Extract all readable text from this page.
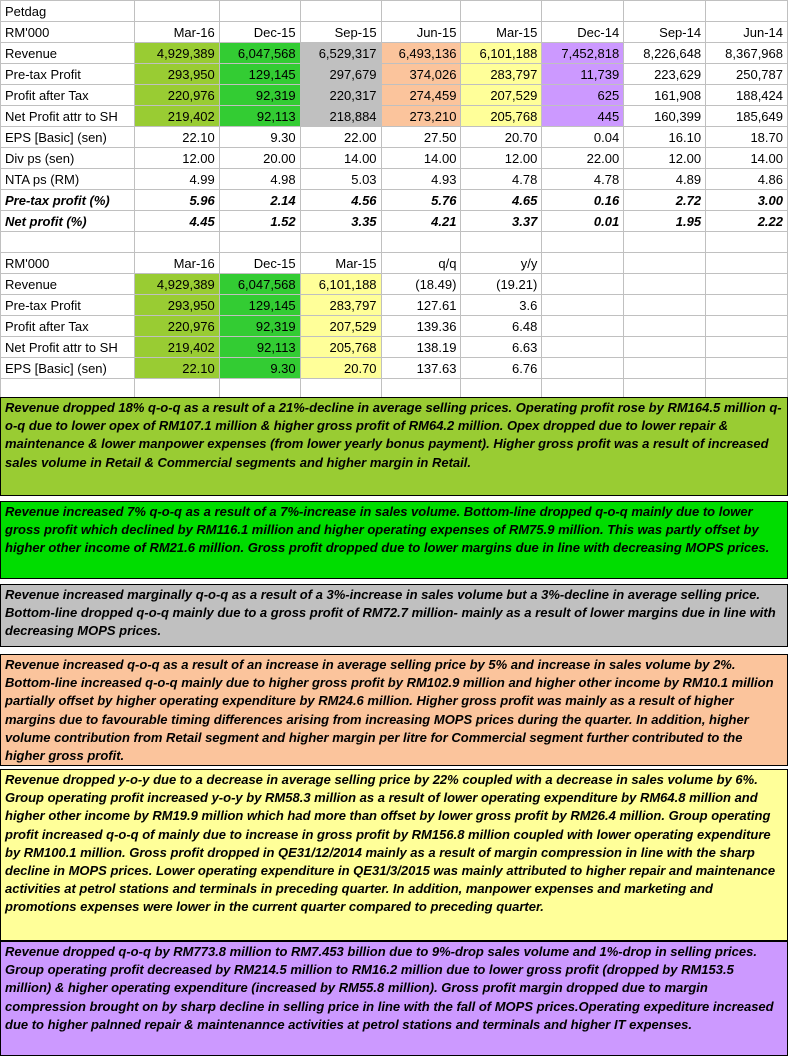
Petdag								
RM'000	Mar-16	Dec-15	Sep-15	Jun-15	Mar-15	Dec-14	Sep-14	Jun-14
Revenue	4,929,389	6,047,568	6,529,317	6,493,136	6,101,188	7,452,818	8,226,648	8,367,968
Pre-tax Profit	293,950	129,145	297,679	374,026	283,797	11,739	223,629	250,787
Profit after Tax	220,976	92,319	220,317	274,459	207,529	625	161,908	188,424
Net Profit attr to SH	219,402	92,113	218,884	273,210	205,768	445	160,399	185,649
EPS [Basic] (sen)	22.10	9.30	22.00	27.50	20.70	0.04	16.10	18.70
Div ps (sen)	12.00	20.00	14.00	14.00	12.00	22.00	12.00	14.00
NTA ps (RM)	4.99	4.98	5.03	4.93	4.78	4.78	4.89	4.86
Pre-tax profit (%)	5.96	2.14	4.56	5.76	4.65	0.16	2.72	3.00
Net profit (%)	4.45	1.52	3.35	4.21	3.37	0.01	1.95	2.22

RM'000	Mar-16	Dec-15	Mar-15	q/q	y/y			
Revenue	4,929,389	6,047,568	6,101,188	(18.49)	(19.21)			
Pre-tax Profit	293,950	129,145	283,797	127.61	3.6			
Profit after Tax	220,976	92,319	207,529	139.36	6.48			
Net Profit attr to SH	219,402	92,113	205,768	138.19	6.63			
EPS [Basic] (sen)	22.10	9.30	20.70	137.63	6.76			

Revenue dropped 18% q-o-q as a result of a 21%-decline in average selling prices. Operating profit rose by RM164.5 million q-o-q due to lower opex of RM107.1 million & higher gross profit of RM64.2 million. Opex dropped due to lower repair & maintenance & lower manpower expenses (from lower yearly bonus payment). Higher gross profit was a result of increased sales volume in Retail & Commercial segments and higher margin in Retail.
Revenue increased 7% q-o-q as a result of a 7%-increase in sales volume. Bottom-line dropped q-o-q mainly due to lower gross profit which declined by RM116.1 million and higher operating expenses of RM75.9 million. This was partly offset by higher other income of RM21.6 million. Gross profit dropped due to lower margins due in line with decreasing MOPS prices.
Revenue increased marginally q-o-q as a result of a 3%-increase in sales volume but a 3%-decline in average selling price. Bottom-line dropped q-o-q mainly due to a gross profit of RM72.7 million- mainly as a result of lower margins due in line with decreasing MOPS prices.
Revenue increased q-o-q as a result of an increase in average selling price by 5% and increase in sales volume by 2%. Bottom-line increased q-o-q mainly due to higher gross profit by RM102.9 million and higher other income by RM10.1 million partially offset by higher operating expenditure by RM24.6 million. Higher gross profit was mainly as a result of higher margins due to favourable timing differences arising from increasing MOPS prices during the quarter. In addition, higher volume contribution from Retail segment and higher margin per litre for Commercial segment further contributed to the higher gross profit.
Revenue dropped y-o-y due to a decrease in average selling price by 22% coupled with a decrease in sales volume by 6%. Group operating profit increased y-o-y by RM58.3 million as a result of lower operating expenditure by RM64.8 million and higher other income by RM19.9 million which had more than offset by lower gross profit by RM26.4 million. Group operating profit increased q-o-q of mainly due to increase in gross profit by RM156.8 million coupled with lower operating expenditure by RM100.1 million. Gross profit dropped in QE31/12/2014 mainly as a result of margin compression in line with the sharp decline in MOPS prices. Lower operating expenditure in QE31/3/2015 was mainly attributed to higher repair and maintenance activities at petrol stations and terminals in preceding quarter. In addition, manpower expenses and marketing and promotions expenses were lower in the current quarter compared to preceding quarter.
Revenue dropped q-o-q by RM773.8 million to RM7.453 billion due to 9%-drop sales volume and 1%-drop in selling prices. Group operating profit decreased by RM214.5 million to RM16.2 million due to lower gross profit (dropped by RM153.5 million) & higher operating expenditure (increased by RM55.8 million). Gross profit margin dropped due to margin compression brought on by sharp decline in selling price in line with the fall of MOPS prices.Operating expediture increased due to higher palnned repair & maintenannce activities at petrol stations and terminals and higher IT expenses.
